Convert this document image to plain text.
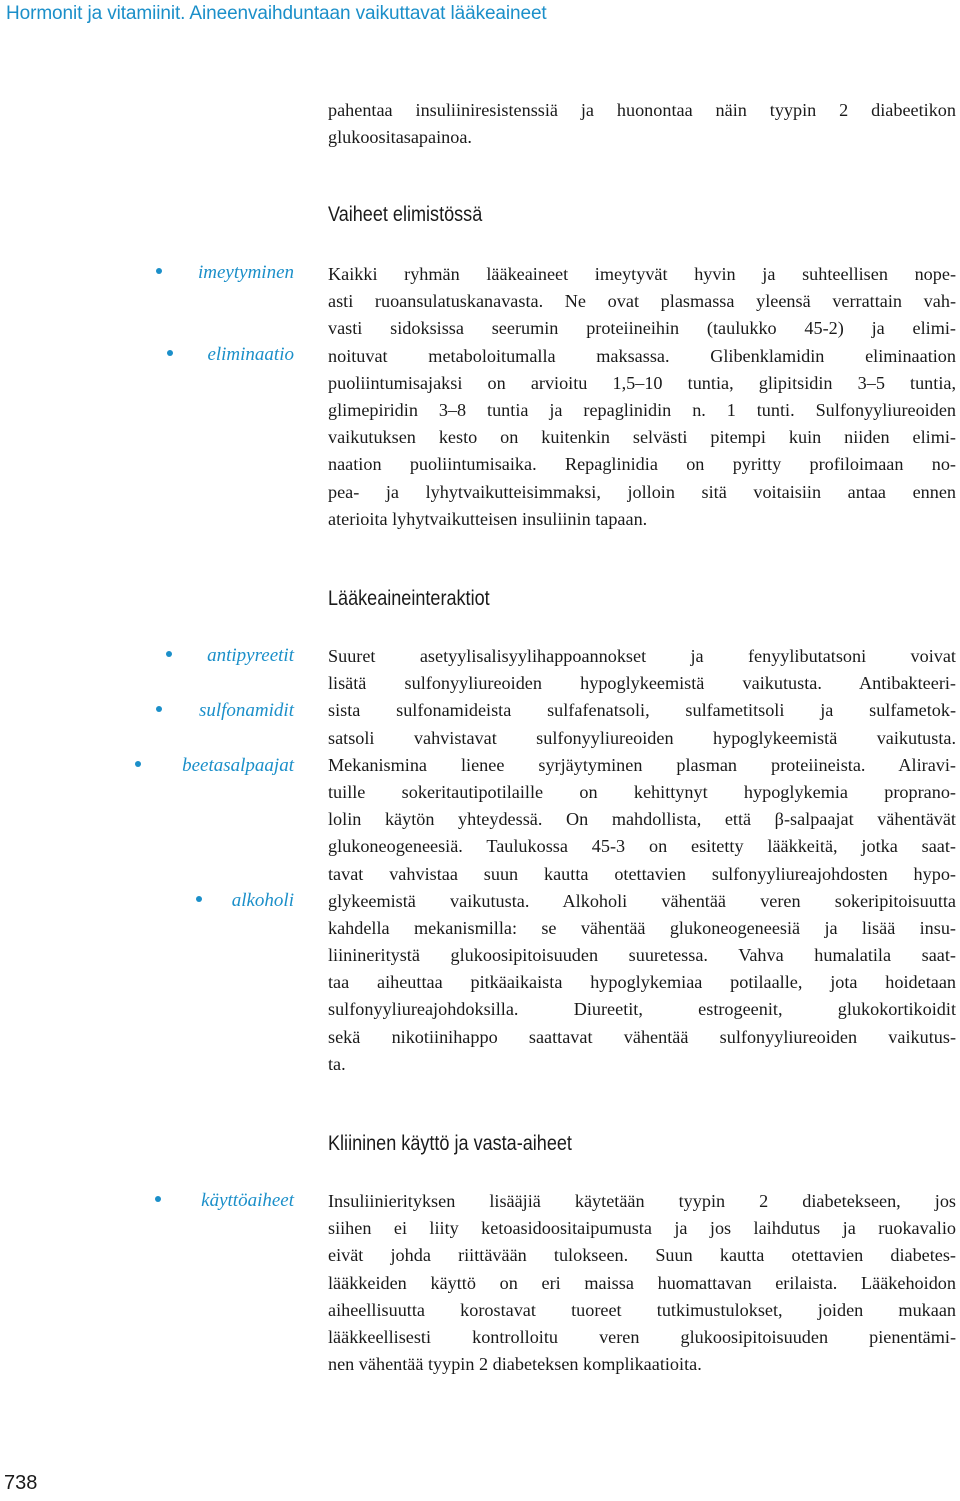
Hormonit ja vitamiinit. Aineenvaihduntaan vaikuttavat lääkeaineet
pahentaa insuliiniresistenssiä ja huonontaa näin tyypin 2 diabeetikon
glukoositasapainoa.
Vaiheet elimistössä
imeytyminen
eliminaatio
Kaikki ryhmän lääkeaineet imeytyvät hyvin ja suhteellisen nope-
asti ruoansulatuskanavasta. Ne ovat plasmassa yleensä verrattain vah-
vasti sidoksissa seerumin proteiineihin (taulukko 45-2) ja elimi-
noituvat metaboloitumalla maksassa. Glibenklamidin eliminaation
puoliintumisajaksi on arvioitu 1,5–10 tuntia, glipitsidin 3–5 tuntia,
glimepiridin 3–8 tuntia ja repaglinidin n. 1 tunti. Sulfonyyliureoiden
vaikutuksen kesto on kuitenkin selvästi pitempi kuin niiden elimi-
naation puoliintumisaika. Repaglinidia on pyritty profiloimaan no-
pea- ja lyhytvaikutteisimmaksi, jolloin sitä voitaisiin antaa ennen
aterioita lyhytvaikutteisen insuliinin tapaan.
Lääkeaineinteraktiot
antipyreetit
sulfonamidit
beetasalpaajat
alkoholi
Suuret asetyylisalisyylihappoannokset ja fenyylibutatsoni voivat
lisätä sulfonyyliureoiden hypoglykeemistä vaikutusta. Antibakteeri-
sista sulfonamideista sulfafenatsoli, sulfametitsoli ja sulfametok-
satsoli vahvistavat sulfonyyliureoiden hypoglykeemistä vaikutusta.
Mekanismina lienee syrjäytyminen plasman proteiineista. Aliravi-
tuille sokeritautipotilaille on kehittynyt hypoglykemia proprano-
lolin käytön yhteydessä. On mahdollista, että β-salpaajat vähentävät
glukoneogeneesiä. Taulukossa 45-3 on esitetty lääkkeitä, jotka saat-
tavat vahvistaa suun kautta otettavien sulfonyyliureajohdosten hypo-
glykeemistä vaikutusta. Alkoholi vähentää veren sokeripitoisuutta
kahdella mekanismilla: se vähentää glukoneogeneesiä ja lisää insu-
liinineritystä glukoosipitoisuuden suuretessa. Vahva humalatila saat-
taa aiheuttaa pitkäaikaista hypoglykemiaa potilaalle, jota hoidetaan
sulfonyyliureajohdoksilla. Diureetit, estrogeenit, glukokortikoidit
sekä nikotiinihappo saattavat vähentää sulfonyyliureoiden vaikutus-
ta.
Kliininen käyttö ja vasta-aiheet
käyttöaiheet Insuliinierityksen lisääjiä käytetään tyypin 2 diabetekseen, jos
siihen ei liity ketoasidoositaipumusta ja jos laihdutus ja ruokavalio
eivät johda riittävään tulokseen. Suun kautta otettavien diabetes-
lääkkeiden käyttö on eri maissa huomattavan erilaista. Lääkehoidon
aiheellisuutta korostavat tuoreet tutkimustulokset, joiden mukaan
lääkkeellisesti kontrolloitu veren glukoosipitoisuuden pienentämi-
nen vähentää tyypin 2 diabeteksen komplikaatioita.
738
